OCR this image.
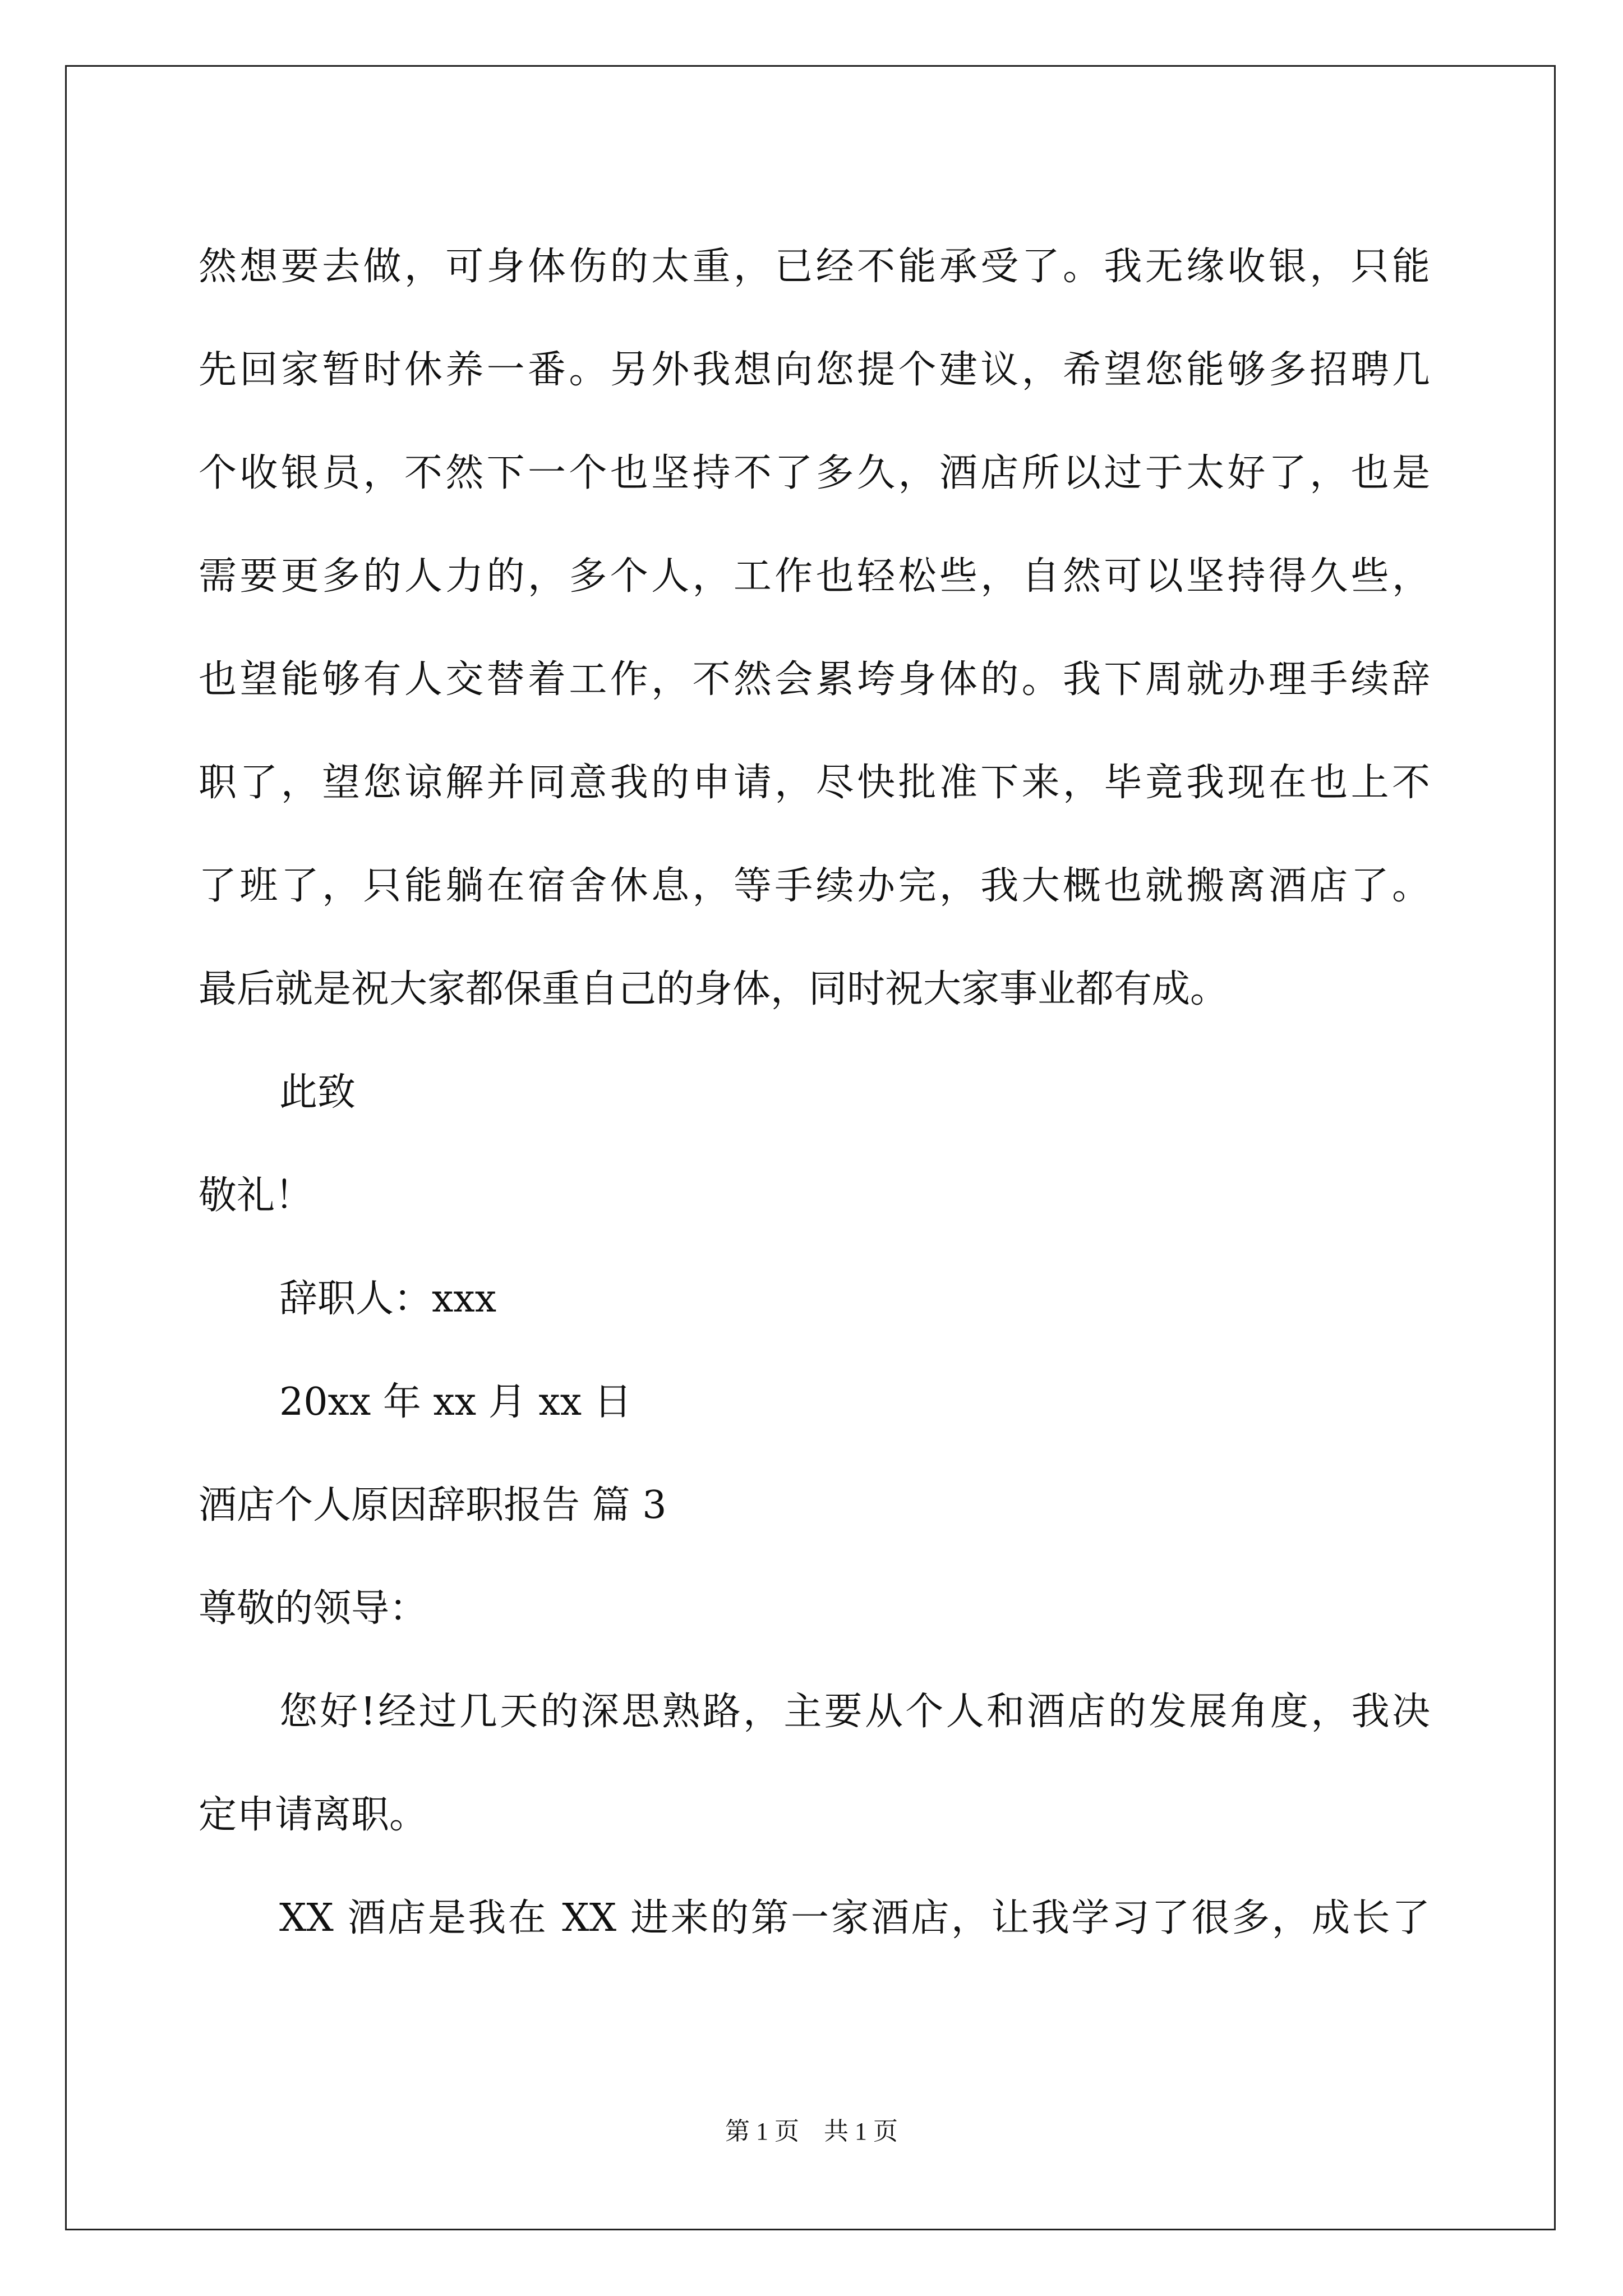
然想要去做，可身体伤的太重，已经不能承受了。我无缘收银，只能
先回家暂时休养一番。另外我想向您提个建议，希望您能够多招聘几
个收银员，不然下一个也坚持不了多久，酒店所以过于太好了，也是
需要更多的人力的，多个人，工作也轻松些，自然可以坚持得久些，
也望能够有人交替着工作，不然会累垮身体的。我下周就办理手续辞
职了，望您谅解并同意我的申请，尽快批准下来，毕竟我现在也上不
了班了，只能躺在宿舍休息，等手续办完，我大概也就搬离酒店了。
最后就是祝大家都保重自己的身体，同时祝大家事业都有成。
此致
敬礼！
辞职人：xxx
20xx 年 xx 月 xx 日
酒店个人原因辞职报告 篇 3
尊敬的领导：
您好!经过几天的深思熟路，主要从个人和酒店的发展角度，我决
定申请离职。
XX 酒店是我在 XX 进来的第一家酒店，让我学习了很多，成长了
第 1 页 共 1 页
